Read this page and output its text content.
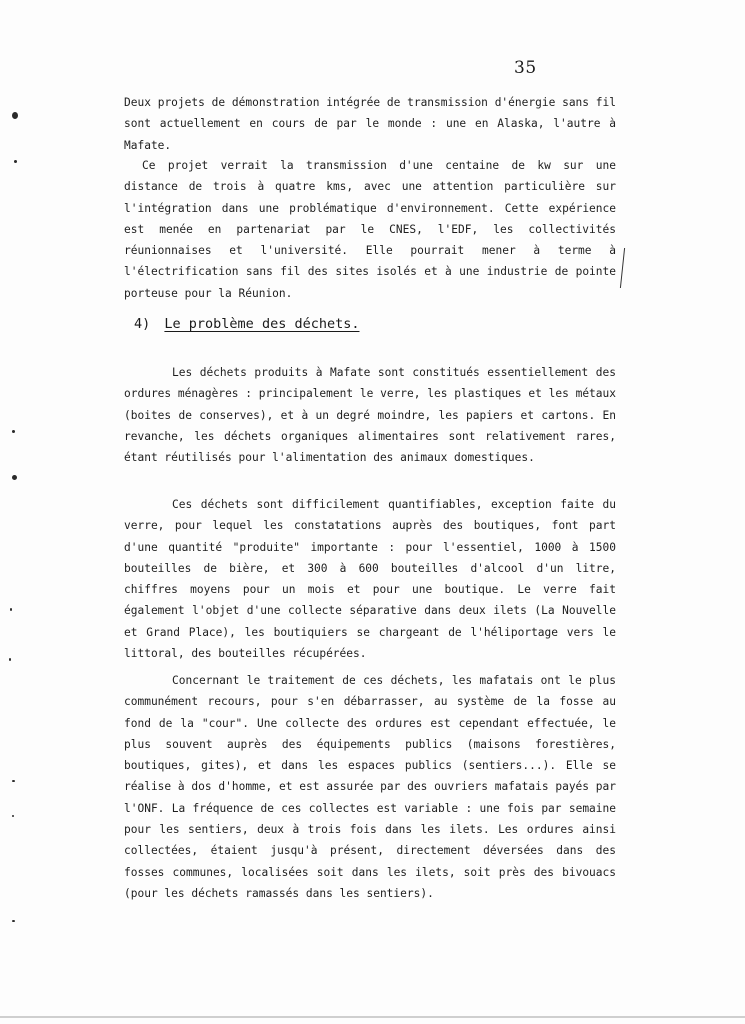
35

Deux projets de démonstration intégrée de transmission d'énergie sans fil sont actuellement en cours de par le monde : une en Alaska, l'autre à Mafate.

Ce projet verrait la transmission d'une centaine de kw sur une distance de trois à quatre kms, avec une attention particulière sur l'intégration dans une problématique d'environnement. Cette expérience est menée en partenariat par le CNES, l'EDF, les collectivités réunionnaises et l'université. Elle pourrait mener à terme à l'électrification sans fil des sites isolés et à une industrie de pointe porteuse pour la Réunion.

4) Le problème des déchets.

Les déchets produits à Mafate sont constitués essentiellement des ordures ménagères : principalement le verre, les plastiques et les métaux (boites de conserves), et à un degré moindre, les papiers et cartons. En revanche, les déchets organiques alimentaires sont relativement rares, étant réutilisés pour l'alimentation des animaux domestiques.

Ces déchets sont difficilement quantifiables, exception faite du verre, pour lequel les constatations auprès des boutiques, font part d'une quantité "produite" importante : pour l'essentiel, 1000 à 1500 bouteilles de bière, et 300 à 600 bouteilles d'alcool d'un litre, chiffres moyens pour un mois et pour une boutique. Le verre fait également l'objet d'une collecte séparative dans deux ilets (La Nouvelle et Grand Place), les boutiquiers se chargeant de l'héliportage vers le littoral, des bouteilles récupérées.

Concernant le traitement de ces déchets, les mafatais ont le plus communément recours, pour s'en débarrasser, au système de la fosse au fond de la "cour". Une collecte des ordures est cependant effectuée, le plus souvent auprès des équipements publics (maisons forestières, boutiques, gites), et dans les espaces publics (sentiers...). Elle se réalise à dos d'homme, et est assurée par des ouvriers mafatais payés par l'ONF. La fréquence de ces collectes est variable : une fois par semaine pour les sentiers, deux à trois fois dans les ilets. Les ordures ainsi collectées, étaient jusqu'à présent, directement déversées dans des fosses communes, localisées soit dans les ilets, soit près des bivouacs (pour les déchets ramassés dans les sentiers).
